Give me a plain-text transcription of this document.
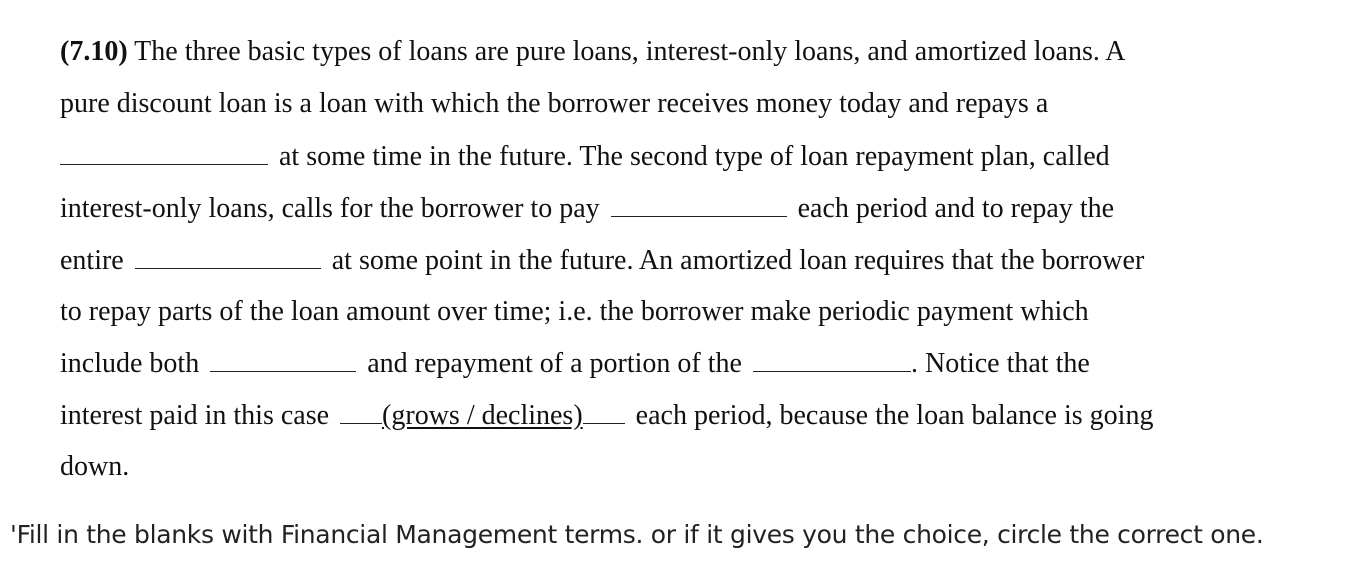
(7.10) The three basic types of loans are pure loans, interest-only loans, and amortized loans. A
pure discount loan is a loan with which the borrower receives money today and repays a
at some time in the future. The second type of loan repayment plan, called
interest-only loans, calls for the borrower to pay	each period and to repay the
entire	at some point in the future. An amortized loan requires that the borrower
to repay parts of the loan amount over time; i.e. the borrower make periodic payment which
include both	and repayment of a portion of the	. Notice that the
interest paid in this case (grows / declines) each period, because the loan balance is going
down.
'Fill in the blanks with Financial Management terms. or if it gives you the choice, circle the correct one.
